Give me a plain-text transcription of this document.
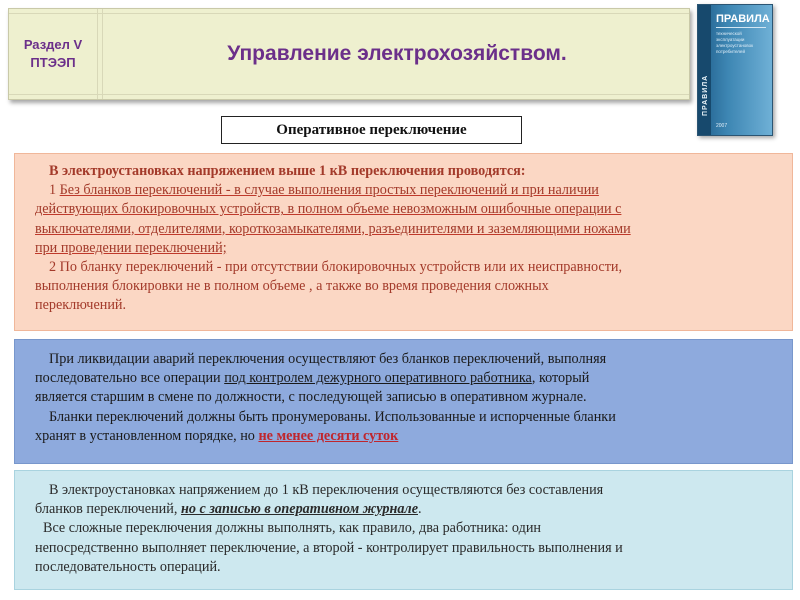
Раздел V
ПТЭЭП	Управление электрохозяйством.
ПРАВИЛА
ПРАВИЛА
технической эксплуатации электроустановок потребителей
2007
Оперативное переключение

В электроустановках напряжением выше 1 кВ переключения проводятся:

1 Без бланков переключений - в случае выполнения простых переключений и при наличии

действующих блокировочных устройств, в полном объеме невозможным ошибочные операции с

выключателями, отделителями, короткозамыкателями, разъединителями и заземляющими ножами

при проведении переключений;

2 По бланку переключений - при отсутствии блокировочных устройств или их неисправности,

выполнения блокировки не в полном объеме , а также во время проведения сложных

переключений.

При ликвидации аварий переключения осуществляют без бланков переключений, выполняя

последовательно все операции под контролем дежурного оперативного работника, который

является старшим в смене по должности, с последующей записью в оперативном журнале.

Бланки переключений должны быть пронумерованы. Использованные и испорченные бланки

хранят в установленном порядке, но не менее десяти суток

В электроустановках напряжением до 1 кВ переключения осуществляются без составления

бланков переключений, но с записью в оперативном журнале.

Все сложные переключения должны выполнять, как правило, два работника: один

непосредственно выполняет переключение, а второй - контролирует правильность выполнения и

последовательность операций.
